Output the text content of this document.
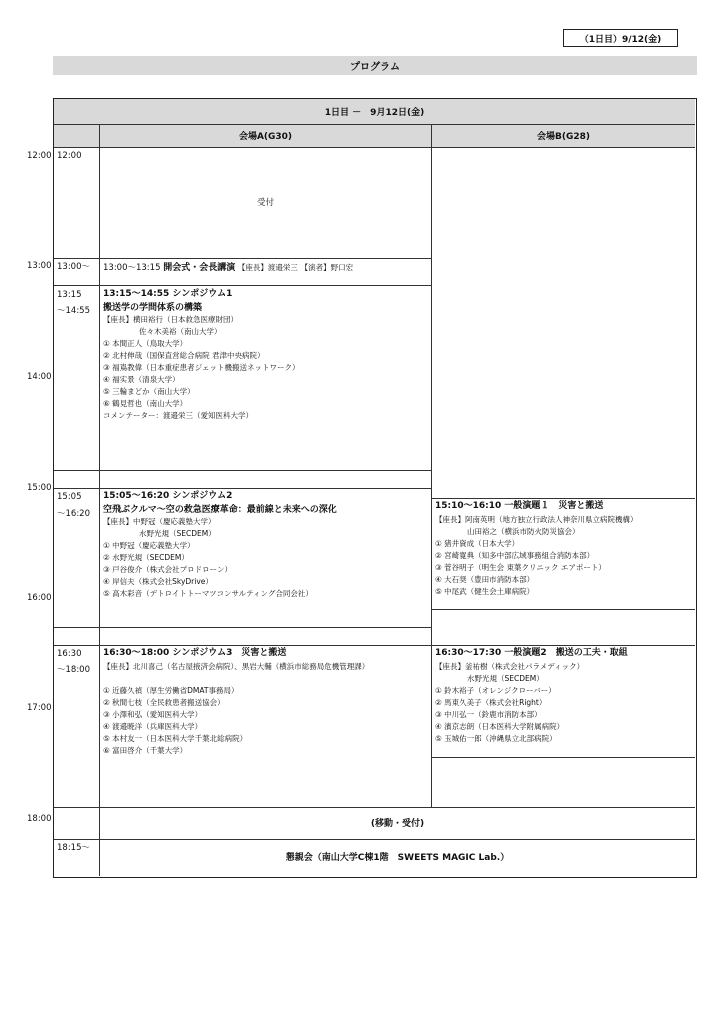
（1日目）9/12(金)
プログラム
12:00
13:00
14:00
15:00
16:00
17:00
18:00
1日目 －　9月12日(金)
会場A(G30)	会場B(G28)
12:00
13:00～
13:15
～14:55
15:05
～16:20
16:30
～18:00
18:15～
受付
13:00～13:15 開会式・会長講演 【座長】渡邉栄三 【演者】野口宏
13:15～14:55 シンポジウム1
搬送学の学問体系の構築
【座長】横田裕行（日本救急医療財団）
佐々木美裕（南山大学）
① 本間正人（鳥取大学）
② 北村伸哉（国保直営総合病院 君津中央病院）
③ 福嶌教偉（日本重症患者ジェット機搬送ネットワーク）
④ 福实景（清泉大学）
⑤ 三輪まどか（南山大学）
⑥ 鶴見哲也（南山大学）
コメンテーター：渡邉栄三（愛知医科大学）
15:05～16:20 シンポジウム2
空飛ぶクルマ～空の救急医療革命：最前線と未来への深化
【座長】中野冠（慶応義塾大学）
水野光規（SECDEM）
① 中野冠（慶応義塾大学）
② 水野光規（SECDEM）
③ 戸谷俊介（株式会社プロドローン）
④ 岸信夫（株式会社SkyDrive）
⑤ 高木彩音（デトロイトトーマツコンサルティング合同会社）
16:30～18:00 シンポジウム3　災害と搬送
【座長】北川喜己（名古屋掖済会病院）、黒岩大輔（横浜市総務局危機管理課）
① 近藤久禎（厚生労働省DMAT事務局）
② 秋間七枝（全民救患者搬送協会）
③ 小澤和弘（愛知医科大学）
④ 渡邉暁洋（兵庫医科大学）
⑤ 本村友一（日本医科大学千葉北総病院）
⑥ 富田啓介（千葉大学）
15:10～16:10 一般演題１　災害と搬送
【座長】阿南英明（地方独立行政法人神奈川県立病院機構）
山田裕之（横浜市防火防災協会）
① 猪井資成（日本大学）
② 宮崎寛典（知多中部広域事務組合消防本部）
③ 菅谷明子（明生会 東葉クリニック エアポート）
④ 大石奨（豊田市消防本部）
⑤ 中尾武（健生会土庫病院）
16:30～17:30 一般演題2　搬送の工夫・取組
【座長】釜祐樹（株式会社パラメディック）
水野光規（SECDEM）
① 鈴木裕子（オレンジクローバー）
② 馬東久美子（株式会社Right）
③ 中川弘一（鈴鹿市消防本部）
④ 濱京志朗（日本医科大学附属病院）
⑤ 玉城佑一郎（沖縄県立北部病院）
(移動・受付)
懇親会（南山大学C棟1階　SWEETS MAGIC Lab.）
